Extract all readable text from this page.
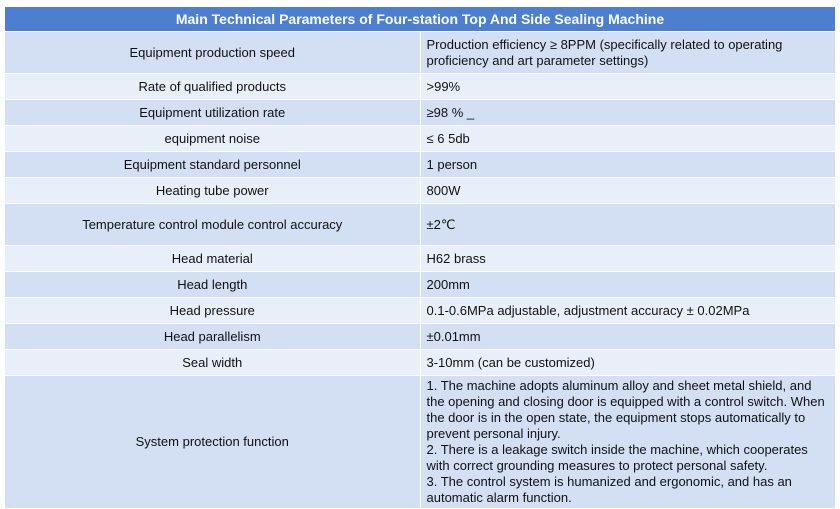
Main Technical Parameters of Four-station Top And Side Sealing Machine	
Equipment production speed	Production efficiency ≥ 8PPM (specifically related to operating proficiency and art parameter settings)
Rate of qualified products	>99%
Equipment utilization rate	≥98 % _
equipment noise	≤ 6 5db
Equipment standard personnel	1 person
Heating tube power	800W
Temperature control module control accuracy	±2℃
Head material	H62 brass
Head length	200mm
Head pressure	0.1-0.6MPa adjustable, adjustment accuracy ± 0.02MPa
Head parallelism	±0.01mm
Seal width	3-10mm (can be customized)
System protection function	1. The machine adopts aluminum alloy and sheet metal shield, and the opening and closing door is equipped with a control switch. When the door is in the open state, the equipment stops automatically to prevent personal injury.
2. There is a leakage switch inside the machine, which cooperates with correct grounding measures to protect personal safety.
3. The control system is humanized and ergonomic, and has an automatic alarm function.
